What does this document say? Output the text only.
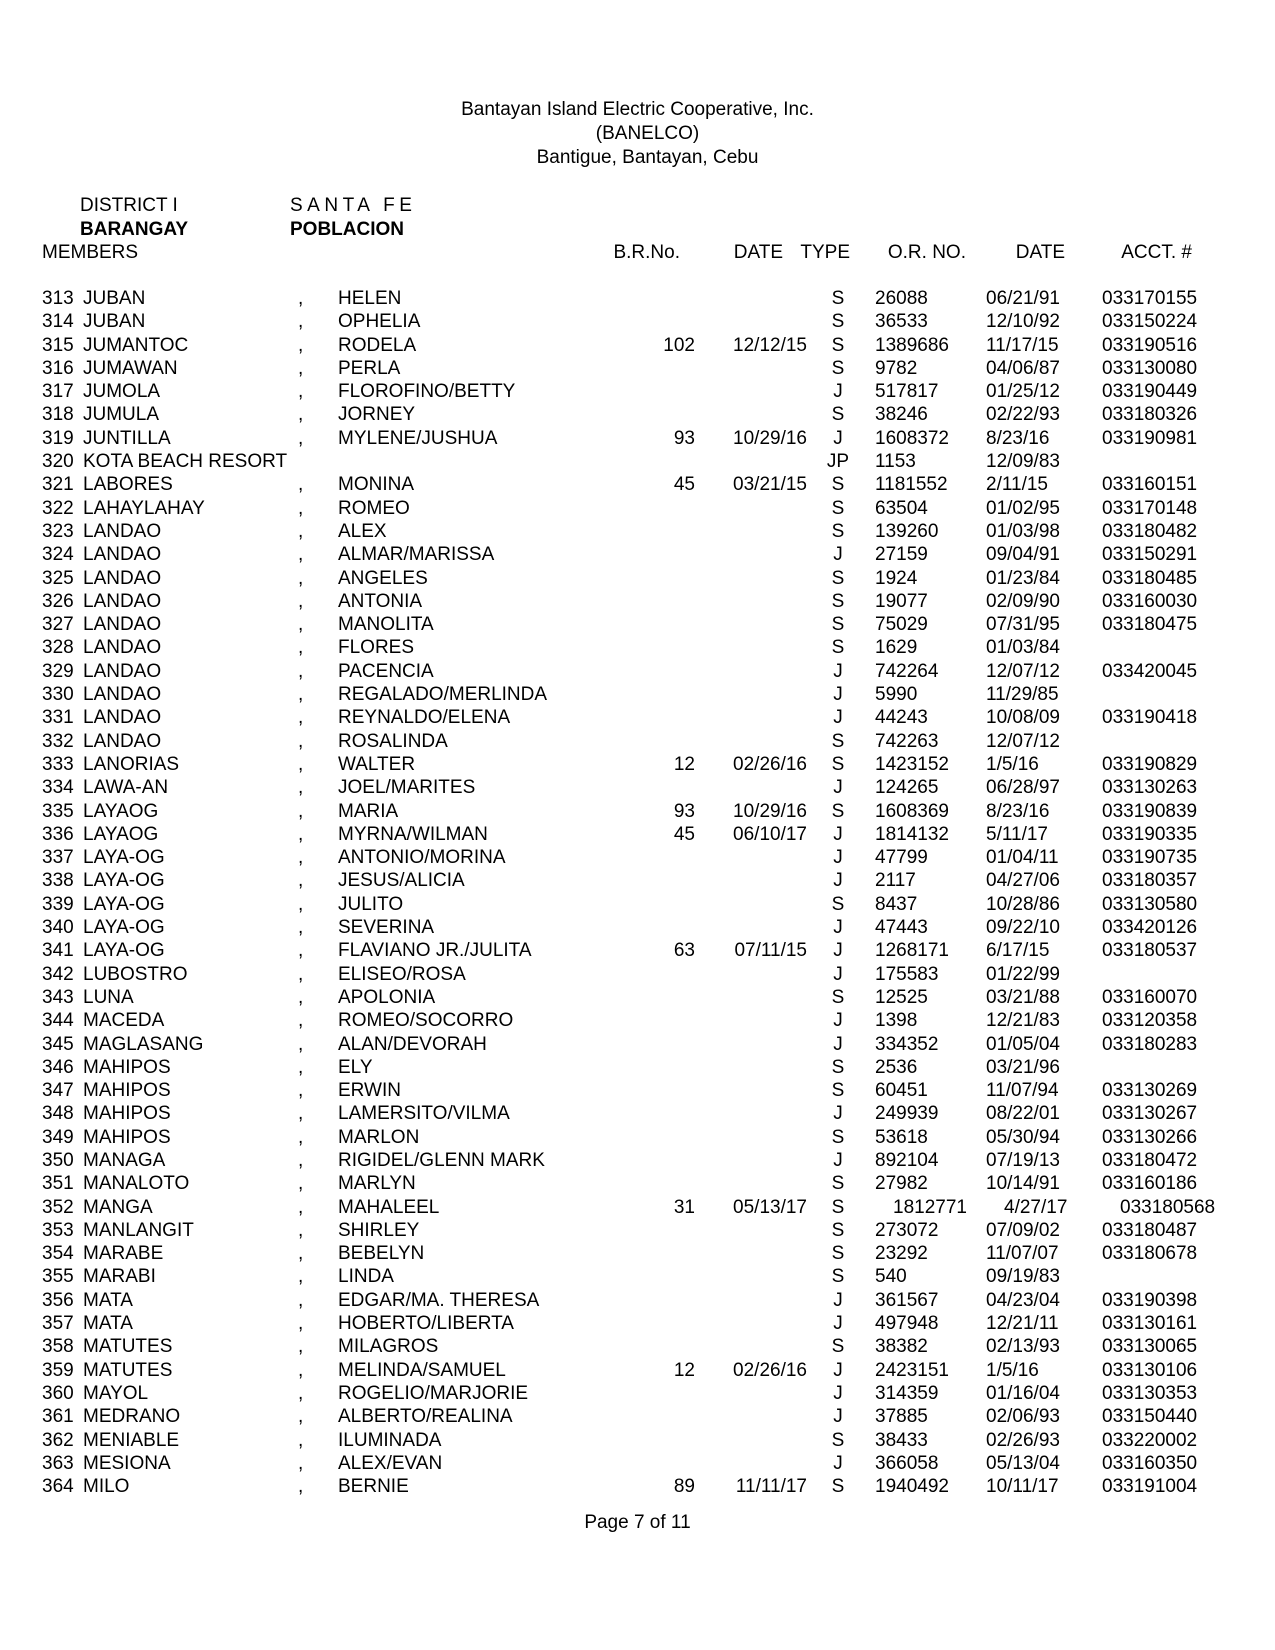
Bantayan Island Electric Cooperative, Inc.
(BANELCO)
Bantigue, Bantayan, Cebu
DISTRICT I	SANTA FE
BARANGAY	POBLACION
MEMBERS	B.R.No.	DATE TYPE	O.R. NO.	DATE	ACCT. #
313 JUBAN	,	HELEN	S	26088	06/21/91	033170155
314 JUBAN	,	OPHELIA	S	36533	12/10/92	033150224
315 JUMANTOC	,	RODELA	102	12/12/15	S	1389686	11/17/15	033190516
316 JUMAWAN	,	PERLA	S	9782	04/06/87	033130080
317 JUMOLA	,	FLOROFINO/BETTY	J	517817	01/25/12	033190449
318 JUMULA	,	JORNEY	S	38246	02/22/93	033180326
319 JUNTILLA	,	MYLENE/JUSHUA	93	10/29/16	J	1608372	8/23/16	033190981
320 KOTA BEACH RESORT	JP	1153	12/09/83
321 LABORES	,	MONINA	45	03/21/15	S	1181552	2/11/15	033160151
322 LAHAYLAHAY	,	ROMEO	S	63504	01/02/95	033170148
323 LANDAO	,	ALEX	S	139260	01/03/98	033180482
324 LANDAO	,	ALMAR/MARISSA	J	27159	09/04/91	033150291
325 LANDAO	,	ANGELES	S	1924	01/23/84	033180485
326 LANDAO	,	ANTONIA	S	19077	02/09/90	033160030
327 LANDAO	,	MANOLITA	S	75029	07/31/95	033180475
328 LANDAO	,	FLORES	S	1629	01/03/84
329 LANDAO	,	PACENCIA	J	742264	12/07/12	033420045
330 LANDAO	,	REGALADO/MERLINDA	J	5990	11/29/85
331 LANDAO	,	REYNALDO/ELENA	J	44243	10/08/09	033190418
332 LANDAO	,	ROSALINDA	S	742263	12/07/12
333 LANORIAS	,	WALTER	12	02/26/16	S	1423152	1/5/16	033190829
334 LAWA-AN	,	JOEL/MARITES	J	124265	06/28/97	033130263
335 LAYAOG	,	MARIA	93	10/29/16	S	1608369	8/23/16	033190839
336 LAYAOG	,	MYRNA/WILMAN	45	06/10/17	J	1814132	5/11/17	033190335
337 LAYA-OG	,	ANTONIO/MORINA	J	47799	01/04/11	033190735
338 LAYA-OG	,	JESUS/ALICIA	J	2117	04/27/06	033180357
339 LAYA-OG	,	JULITO	S	8437	10/28/86	033130580
340 LAYA-OG	,	SEVERINA	J	47443	09/22/10	033420126
341 LAYA-OG	,	FLAVIANO JR./JULITA	63	07/11/15	J	1268171	6/17/15	033180537
342 LUBOSTRO	,	ELISEO/ROSA	J	175583	01/22/99
343 LUNA	,	APOLONIA	S	12525	03/21/88	033160070
344 MACEDA	,	ROMEO/SOCORRO	J	1398	12/21/83	033120358
345 MAGLASANG	,	ALAN/DEVORAH	J	334352	01/05/04	033180283
346 MAHIPOS	,	ELY	S	2536	03/21/96
347 MAHIPOS	,	ERWIN	S	60451	11/07/94	033130269
348 MAHIPOS	,	LAMERSITO/VILMA	J	249939	08/22/01	033130267
349 MAHIPOS	,	MARLON	S	53618	05/30/94	033130266
350 MANAGA	,	RIGIDEL/GLENN MARK	J	892104	07/19/13	033180472
351 MANALOTO	,	MARLYN	S	27982	10/14/91	033160186
352 MANGA	,	MAHALEEL	31	05/13/17	S	1812771	4/27/17	033180568
353 MANLANGIT	,	SHIRLEY	S	273072	07/09/02	033180487
354 MARABE	,	BEBELYN	S	23292	11/07/07	033180678
355 MARABI	,	LINDA	S	540	09/19/83
356 MATA	,	EDGAR/MA. THERESA	J	361567	04/23/04	033190398
357 MATA	,	HOBERTO/LIBERTA	J	497948	12/21/11	033130161
358 MATUTES	,	MILAGROS	S	38382	02/13/93	033130065
359 MATUTES	,	MELINDA/SAMUEL	12	02/26/16	J	2423151	1/5/16	033130106
360 MAYOL	,	ROGELIO/MARJORIE	J	314359	01/16/04	033130353
361 MEDRANO	,	ALBERTO/REALINA	J	37885	02/06/93	033150440
362 MENIABLE	,	ILUMINADA	S	38433	02/26/93	033220002
363 MESIONA	,	ALEX/EVAN	J	366058	05/13/04	033160350
364 MILO	,	BERNIE	89	11/11/17	S	1940492	10/11/17	033191004
Page 7 of 11
